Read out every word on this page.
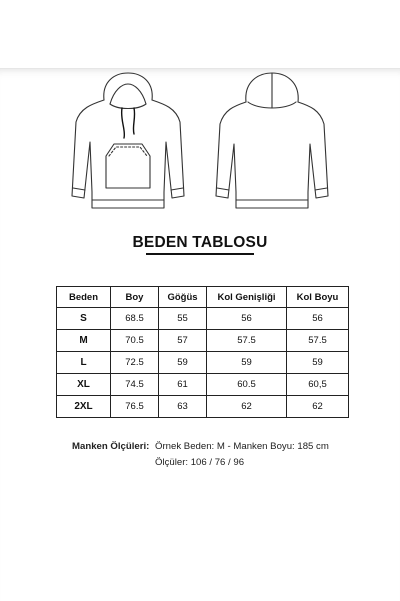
BEDEN TABLOSU
Beden	Boy	Göğüs	Kol Genişliği	Kol Boyu
S	68.5	55	56	56
M	70.5	57	57.5	57.5
L	72.5	59	59	59
XL	74.5	61	60.5	60,5
2XL	76.5	63	62	62
Manken Ölçüleri: Örnek Beden: M - Manken Boyu: 185 cm
Ölçüler: 106 / 76 / 96
